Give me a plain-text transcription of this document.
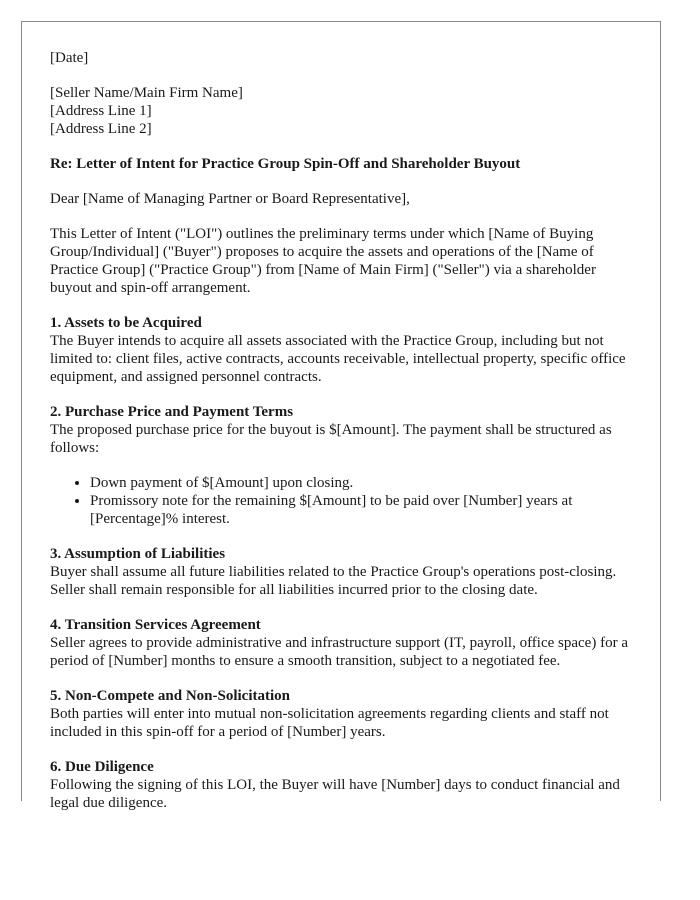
[Date]

[Seller Name/Main Firm Name]
[Address Line 1]
[Address Line 2]

Re: Letter of Intent for Practice Group Spin-Off and Shareholder Buyout

Dear [Name of Managing Partner or Board Representative],

This Letter of Intent ("LOI") outlines the preliminary terms under which [Name of Buying Group/Individual] ("Buyer") proposes to acquire the assets and operations of the [Name of Practice Group] ("Practice Group") from [Name of Main Firm] ("Seller") via a shareholder buyout and spin-off arrangement.

1. Assets to be Acquired
The Buyer intends to acquire all assets associated with the Practice Group, including but not limited to: client files, active contracts, accounts receivable, intellectual property, specific office equipment, and assigned personnel contracts.
2. Purchase Price and Payment Terms
The proposed purchase price for the buyout is $[Amount]. The payment shall be structured as follows:
• Down payment of $[Amount] upon closing.
• Promissory note for the remaining $[Amount] to be paid over [Number] years at [Percentage]% interest.
3. Assumption of Liabilities
Buyer shall assume all future liabilities related to the Practice Group's operations post-closing. Seller shall remain responsible for all liabilities incurred prior to the closing date.
4. Transition Services Agreement
Seller agrees to provide administrative and infrastructure support (IT, payroll, office space) for a period of [Number] months to ensure a smooth transition, subject to a negotiated fee.
5. Non-Compete and Non-Solicitation
Both parties will enter into mutual non-solicitation agreements regarding clients and staff not included in this spin-off for a period of [Number] years.
6. Due Diligence
Following the signing of this LOI, the Buyer will have [Number] days to conduct financial and legal due diligence.
